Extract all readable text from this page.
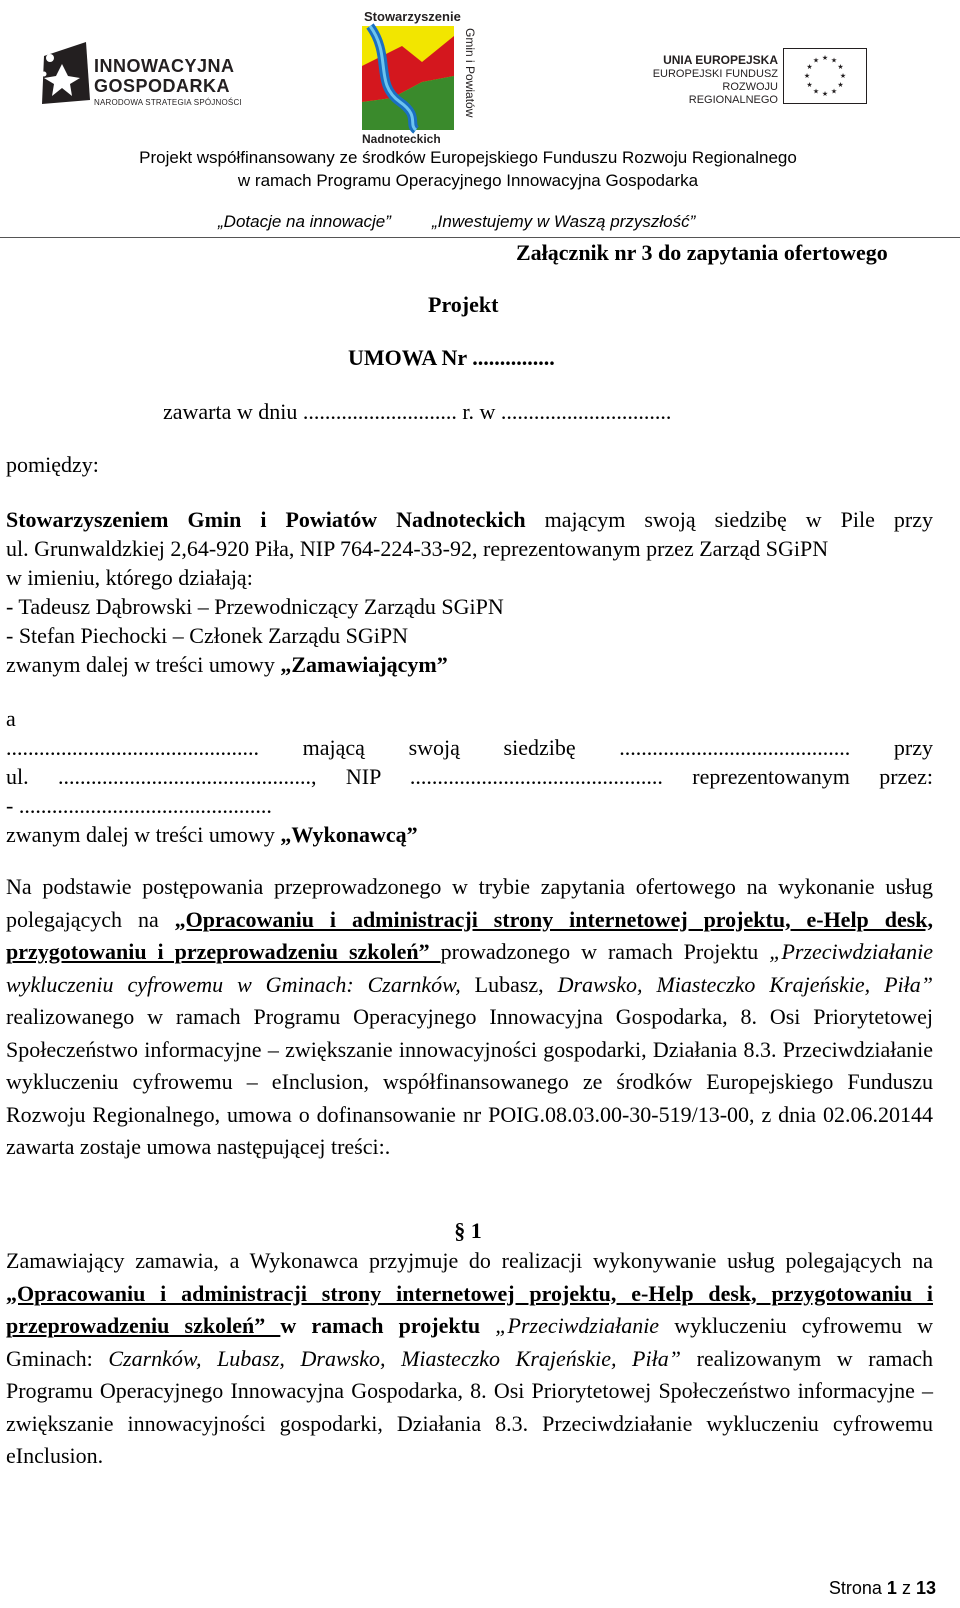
INNOWACYJNA
GOSPODARKA
NARODOWA STRATEGIA SPÓJNOŚCI
Stowarzyszenie
Gmin i Powiatów
Nadnoteckich
UNIA EUROPEJSKA
EUROPEJSKI FUNDUSZ
ROZWOJU REGIONALNEGO
★ ★
★
★
★
★
★
★
★
★
★
★
Projekt współfinansowany ze środków Europejskiego Funduszu Rozwoju Regionalnego
w ramach Programu Operacyjnego Innowacyjna Gospodarka
„Dotacje na innowacje” „Inwestujemy w Waszą przyszłość”
Załącznik nr 3 do zapytania ofertowego
Projekt
UMOWA Nr ...............
zawarta w dniu ............................ r. w ...............................
pomiędzy:
Stowarzyszeniem Gmin i Powiatów Nadnoteckich mającym swoją siedzibę w Pile przy
ul. Grunwaldzkiej 2,64-920 Piła, NIP 764-224-33-92, reprezentowanym przez Zarząd SGiPN
w imieniu, którego działają:
- Tadeusz Dąbrowski – Przewodniczący Zarządu SGiPN
- Stefan Piechocki – Członek Zarządu SGiPN
zwanym dalej w treści umowy „Zamawiającym”
a
.............................................. mającą swoją siedzibę .......................................... przy
ul. .............................................., NIP .............................................. reprezentowanym przez:
- ..............................................
zwanym dalej w treści umowy „Wykonawcą”
Na podstawie postępowania przeprowadzonego w trybie zapytania ofertowego na wykonanie usług polegających na „Opracowaniu i administracji strony internetowej projektu, e-Help desk, przygotowaniu i przeprowadzeniu szkoleń” prowadzonego w ramach Projektu „Przeciwdziałanie wykluczeniu cyfrowemu w Gminach: Czarnków, Lubasz, Drawsko, Miasteczko Krajeńskie, Piła” realizowanego w ramach Programu Operacyjnego Innowacyjna Gospodarka, 8. Osi Priorytetowej Społeczeństwo informacyjne – zwiększanie innowacyjności gospodarki, Działania 8.3. Przeciwdziałanie wykluczeniu cyfrowemu – eInclusion, współfinansowanego ze środków Europejskiego Funduszu Rozwoju Regionalnego, umowa o dofinansowanie nr POIG.08.03.00-30-519/13-00, z dnia 02.06.20144 zawarta zostaje umowa następującej treści:.
§ 1
Zamawiający zamawia, a Wykonawca przyjmuje do realizacji wykonywanie usług polegających na „Opracowaniu i administracji strony internetowej projektu, e-Help desk, przygotowaniu i przeprowadzeniu szkoleń” w ramach projektu „Przeciwdziałanie wykluczeniu cyfrowemu w Gminach: Czarnków, Lubasz, Drawsko, Miasteczko Krajeńskie, Piła” realizowanym w ramach Programu Operacyjnego Innowacyjna Gospodarka, 8. Osi Priorytetowej Społeczeństwo informacyjne – zwiększanie innowacyjności gospodarki, Działania 8.3. Przeciwdziałanie wykluczeniu cyfrowemu eInclusion.
Strona 1 z 13
